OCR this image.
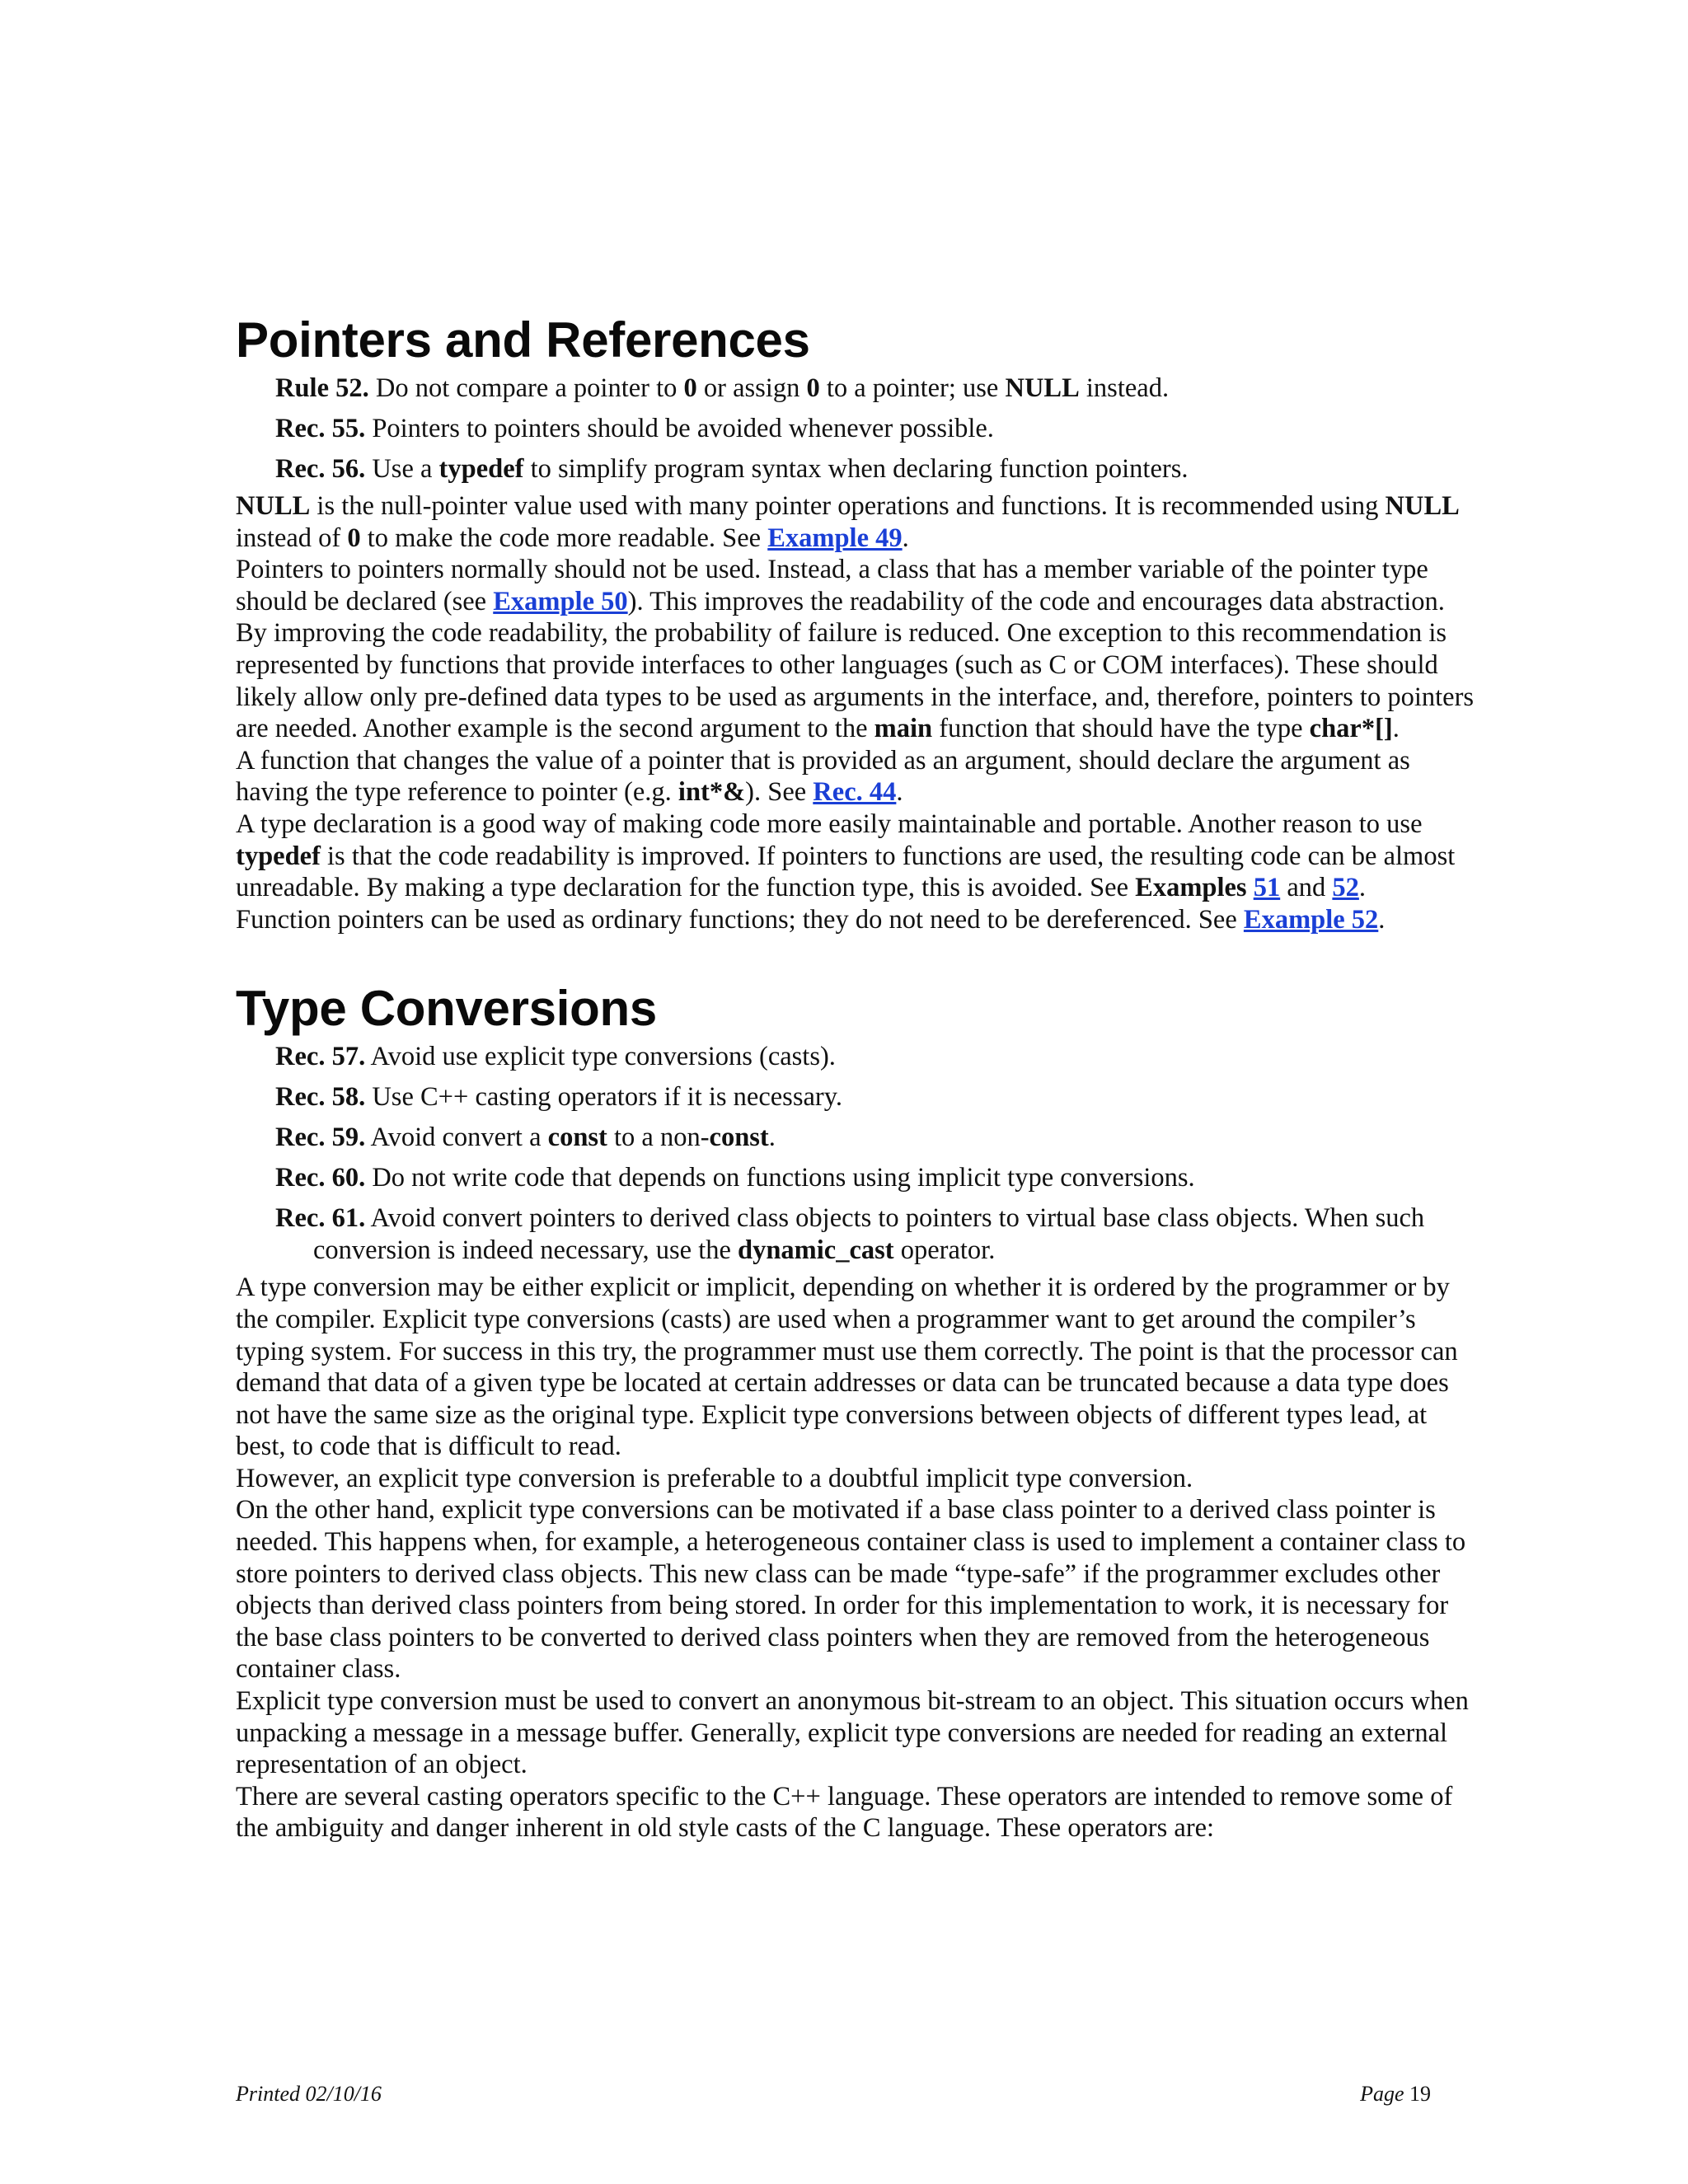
Pointers and References

Rule 52. Do not compare a pointer to 0 or assign 0 to a pointer; use NULL instead.

Rec. 55. Pointers to pointers should be avoided whenever possible.

Rec. 56. Use a typedef to simplify program syntax when declaring function pointers.

NULL is the null-pointer value used with many pointer operations and functions. It is recommended using NULL instead of 0 to make the code more readable. See Example 49.

Pointers to pointers normally should not be used. Instead, a class that has a member variable of the pointer type should be declared (see Example 50). This improves the readability of the code and encourages data abstraction. By improving the code readability, the probability of failure is reduced. One exception to this recommendation is represented by functions that provide interfaces to other languages (such as C or COM interfaces). These should likely allow only pre-defined data types to be used as arguments in the interface, and, therefore, pointers to pointers are needed. Another example is the second argument to the main function that should have the type char*[].

A function that changes the value of a pointer that is provided as an argument, should declare the argument as having the type reference to pointer (e.g. int*&). See Rec. 44.

A type declaration is a good way of making code more easily maintainable and portable. Another reason to use typedef is that the code readability is improved. If pointers to functions are used, the resulting code can be almost unreadable. By making a type declaration for the function type, this is avoided. See Examples 51 and 52.

Function pointers can be used as ordinary functions; they do not need to be dereferenced. See Example 52.

Type Conversions

Rec. 57. Avoid use explicit type conversions (casts).

Rec. 58. Use C++ casting operators if it is necessary.

Rec. 59. Avoid convert a const to a non-const.

Rec. 60. Do not write code that depends on functions using implicit type conversions.

Rec. 61. Avoid convert pointers to derived class objects to pointers to virtual base class objects. When such conversion is indeed necessary, use the dynamic_cast operator.

A type conversion may be either explicit or implicit, depending on whether it is ordered by the programmer or by the compiler. Explicit type conversions (casts) are used when a programmer want to get around the compiler’s typing system. For success in this try, the programmer must use them correctly. The point is that the processor can demand that data of a given type be located at certain addresses or data can be truncated because a data type does not have the same size as the original type. Explicit type conversions between objects of different types lead, at best, to code that is difficult to read.

However, an explicit type conversion is preferable to a doubtful implicit type conversion.

On the other hand, explicit type conversions can be motivated if a base class pointer to a derived class pointer is needed. This happens when, for example, a heterogeneous container class is used to implement a container class to store pointers to derived class objects. This new class can be made “type-safe” if the programmer excludes other objects than derived class pointers from being stored. In order for this implementation to work, it is necessary for the base class pointers to be converted to derived class pointers when they are removed from the heterogeneous container class.

Explicit type conversion must be used to convert an anonymous bit-stream to an object. This situation occurs when unpacking a message in a message buffer. Generally, explicit type conversions are needed for reading an external representation of an object.

There are several casting operators specific to the C++ language. These operators are intended to remove some of the ambiguity and danger inherent in old style casts of the C language. These operators are:

Printed 02/10/16	Page 19
